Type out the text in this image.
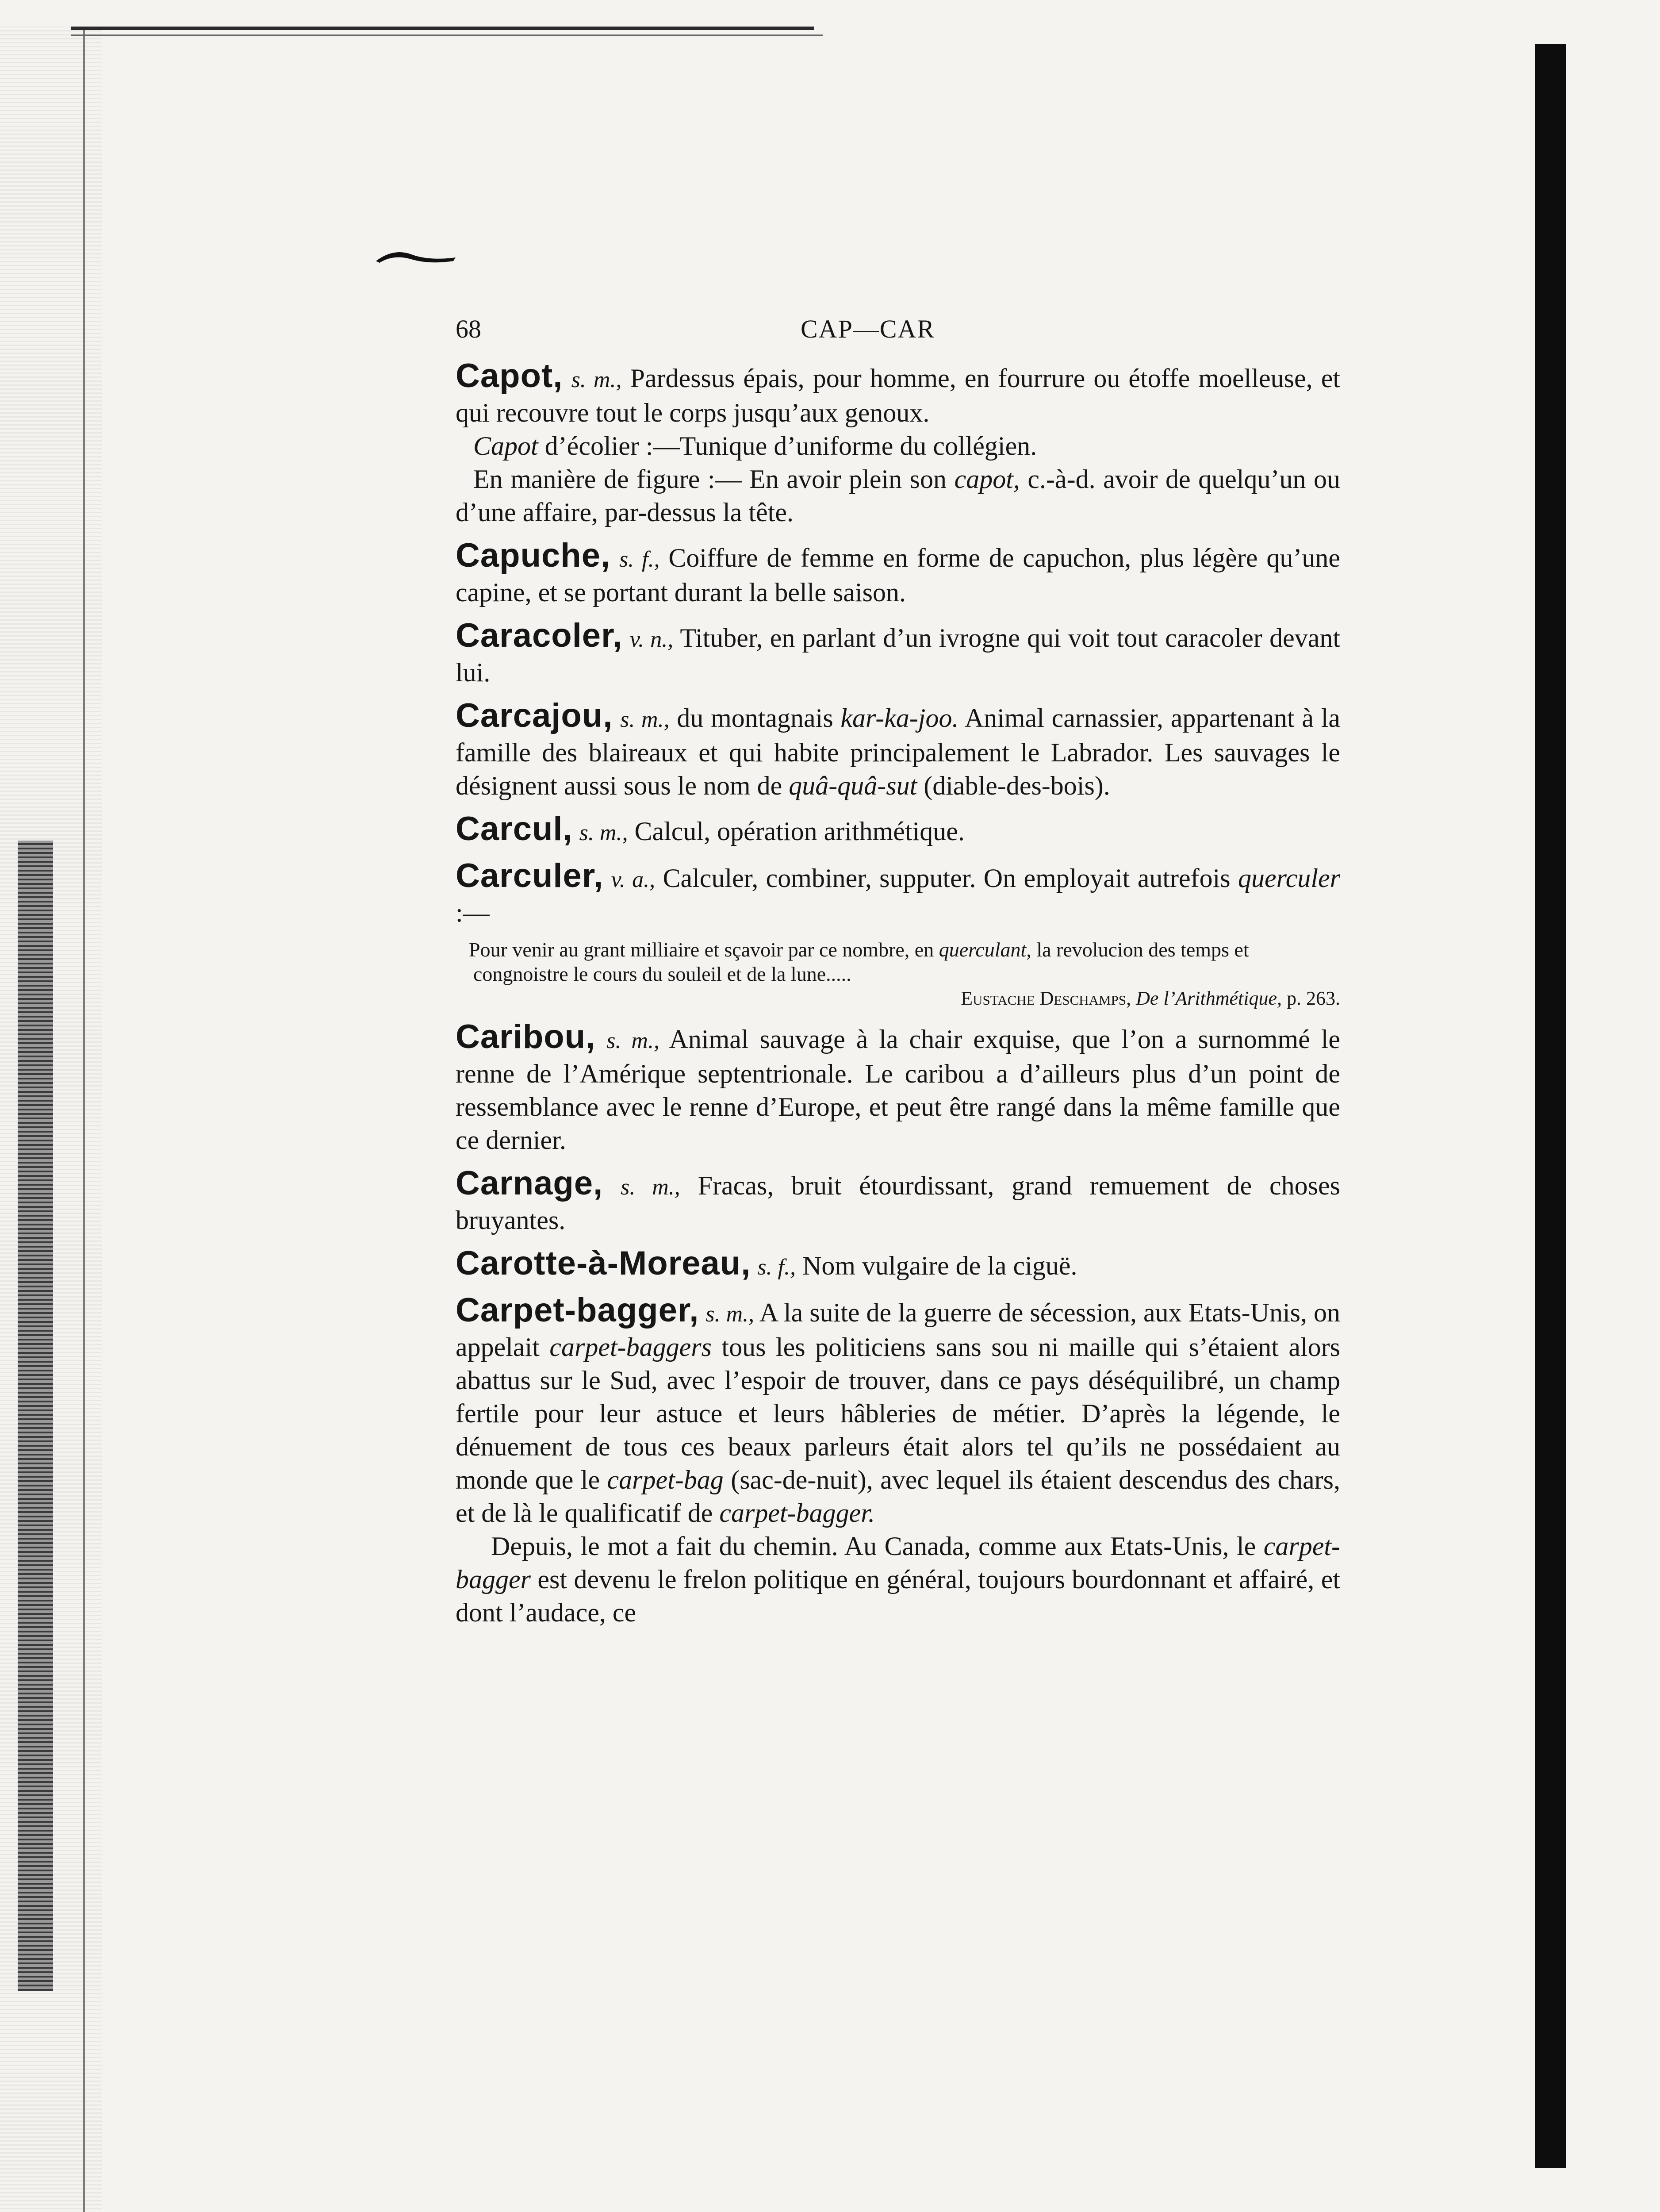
68	CAP—CAR
Capot, s. m., Pardessus épais, pour homme, en fourrure ou étoffe moelleuse, et qui recouvre tout le corps jusqu’aux genoux.
Capot d’écolier :—Tunique d’uniforme du collégien.
En manière de figure :— En avoir plein son capot, c.-à-d. avoir de quelqu’un ou d’une affaire, par-dessus la tête.
Capuche, s. f., Coiffure de femme en forme de capuchon, plus légère qu’une capine, et se portant durant la belle saison.
Caracoler, v. n., Tituber, en parlant d’un ivrogne qui voit tout caracoler devant lui.
Carcajou, s. m., du montagnais kar-ka-joo. Animal carnassier, appartenant à la famille des blaireaux et qui habite principalement le Labrador. Les sauvages le désignent aussi sous le nom de quâ-quâ-sut (diable-des-bois).
Carcul, s. m., Calcul, opération arithmétique.
Carculer, v. a., Calculer, combiner, supputer. On employait autrefois querculer :—
Pour venir au grant milliaire et sçavoir par ce nombre, en querculant, la revolucion des temps et congnoistre le cours du souleil et de la lune.....
Eustache Deschamps, De l’Arithmétique, p. 263.
Caribou, s. m., Animal sauvage à la chair exquise, que l’on a surnommé le renne de l’Amérique septentrionale. Le caribou a d’ailleurs plus d’un point de ressemblance avec le renne d’Europe, et peut être rangé dans la même famille que ce dernier.
Carnage, s. m., Fracas, bruit étourdissant, grand remuement de choses bruyantes.
Carotte-à-Moreau, s. f., Nom vulgaire de la ciguë.
Carpet-bagger, s. m., A la suite de la guerre de sécession, aux Etats-Unis, on appelait carpet-baggers tous les politiciens sans sou ni maille qui s’étaient alors abattus sur le Sud, avec l’espoir de trouver, dans ce pays déséquilibré, un champ fertile pour leur astuce et leurs hâbleries de métier. D’après la légende, le dénuement de tous ces beaux parleurs était alors tel qu’ils ne possédaient au monde que le carpet-bag (sac-de-nuit), avec lequel ils étaient descendus des chars, et de là le qualificatif de carpet-bagger.
Depuis, le mot a fait du chemin. Au Canada, comme aux Etats-Unis, le carpet-bagger est devenu le frelon politique en général, toujours bourdonnant et affairé, et dont l’audace, ce
